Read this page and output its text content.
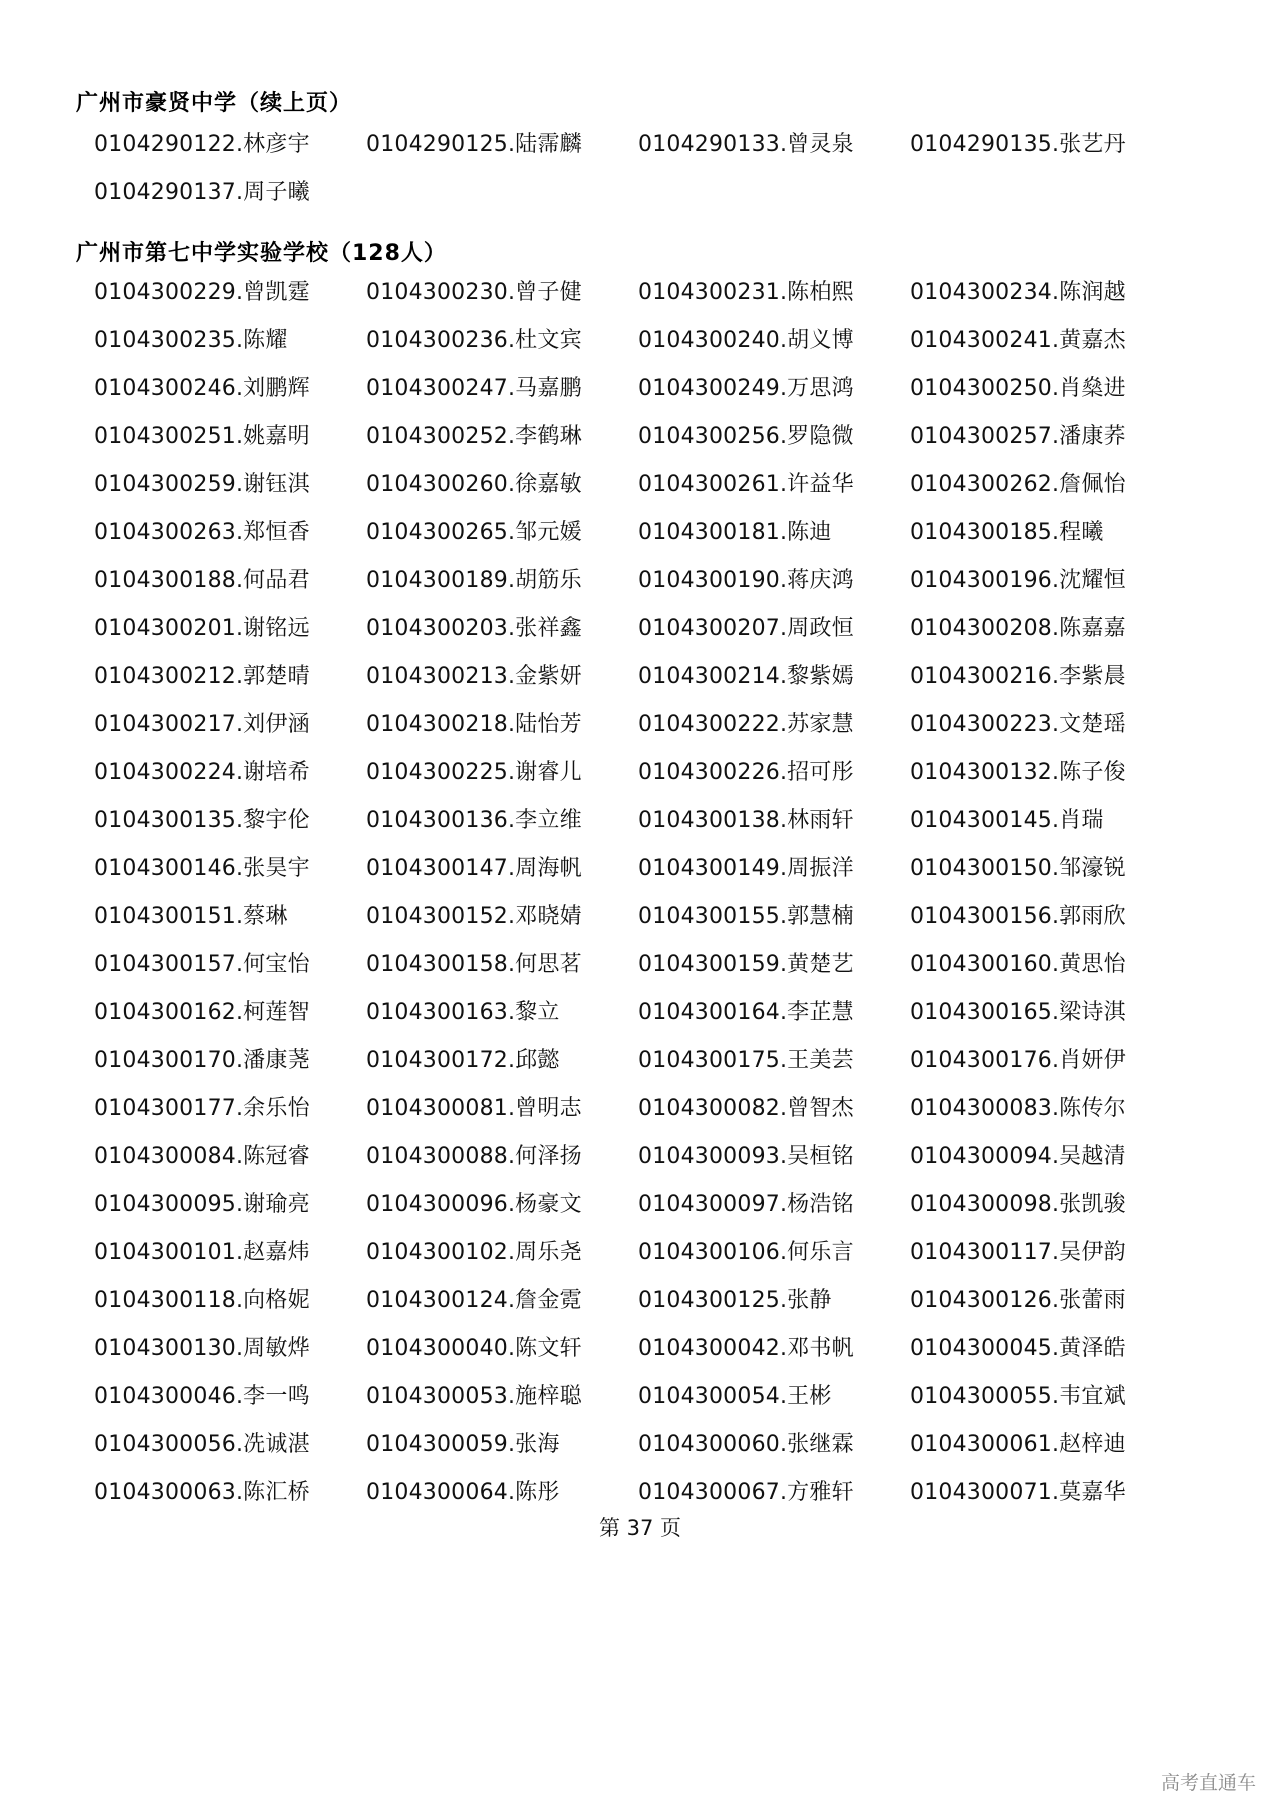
广州市豪贤中学（续上页）
0104290122.林彦宇	0104290125.陆霈麟	0104290133.曾灵泉	0104290135.张艺丹
0104290137.周子曦
广州市第七中学实验学校（128人）
0104300229.曾凯霆	0104300230.曾子健	0104300231.陈柏熙	0104300234.陈润越
0104300235.陈耀	0104300236.杜文宾	0104300240.胡义博	0104300241.黄嘉杰
0104300246.刘鹏辉	0104300247.马嘉鹏	0104300249.万思鸿	0104300250.肖燊进
0104300251.姚嘉明	0104300252.李鹤琳	0104300256.罗隐微	0104300257.潘康荞
0104300259.谢钰淇	0104300260.徐嘉敏	0104300261.许益华	0104300262.詹佩怡
0104300263.郑恒香	0104300265.邹元媛	0104300181.陈迪	0104300185.程曦
0104300188.何品君	0104300189.胡筋乐	0104300190.蒋庆鸿	0104300196.沈耀恒
0104300201.谢铭远	0104300203.张祥鑫	0104300207.周政恒	0104300208.陈嘉嘉
0104300212.郭楚晴	0104300213.金紫妍	0104300214.黎紫嫣	0104300216.李紫晨
0104300217.刘伊涵	0104300218.陆怡芳	0104300222.苏家慧	0104300223.文楚瑶
0104300224.谢培希	0104300225.谢睿儿	0104300226.招可彤	0104300132.陈子俊
0104300135.黎宇伦	0104300136.李立维	0104300138.林雨轩	0104300145.肖瑞
0104300146.张昊宇	0104300147.周海帆	0104300149.周振洋	0104300150.邹濠锐
0104300151.蔡琳	0104300152.邓晓婧	0104300155.郭慧楠	0104300156.郭雨欣
0104300157.何宝怡	0104300158.何思茗	0104300159.黄楚艺	0104300160.黄思怡
0104300162.柯莲智	0104300163.黎立	0104300164.李芷慧	0104300165.梁诗淇
0104300170.潘康荛	0104300172.邱懿	0104300175.王美芸	0104300176.肖妍伊
0104300177.余乐怡	0104300081.曾明志	0104300082.曾智杰	0104300083.陈传尔
0104300084.陈冠睿	0104300088.何泽扬	0104300093.吴桓铭	0104300094.吴越清
0104300095.谢瑜亮	0104300096.杨豪文	0104300097.杨浩铭	0104300098.张凯骏
0104300101.赵嘉炜	0104300102.周乐尧	0104300106.何乐言	0104300117.吴伊韵
0104300118.向格妮	0104300124.詹金霓	0104300125.张静	0104300126.张蕾雨
0104300130.周敏烨	0104300040.陈文轩	0104300042.邓书帆	0104300045.黄泽皓
0104300046.李一鸣	0104300053.施梓聪	0104300054.王彬	0104300055.韦宜斌
0104300056.冼诚湛	0104300059.张海	0104300060.张继霖	0104300061.赵梓迪
0104300063.陈汇桥	0104300064.陈彤	0104300067.方雅轩	0104300071.莫嘉华
第 37 页
高考直通车
